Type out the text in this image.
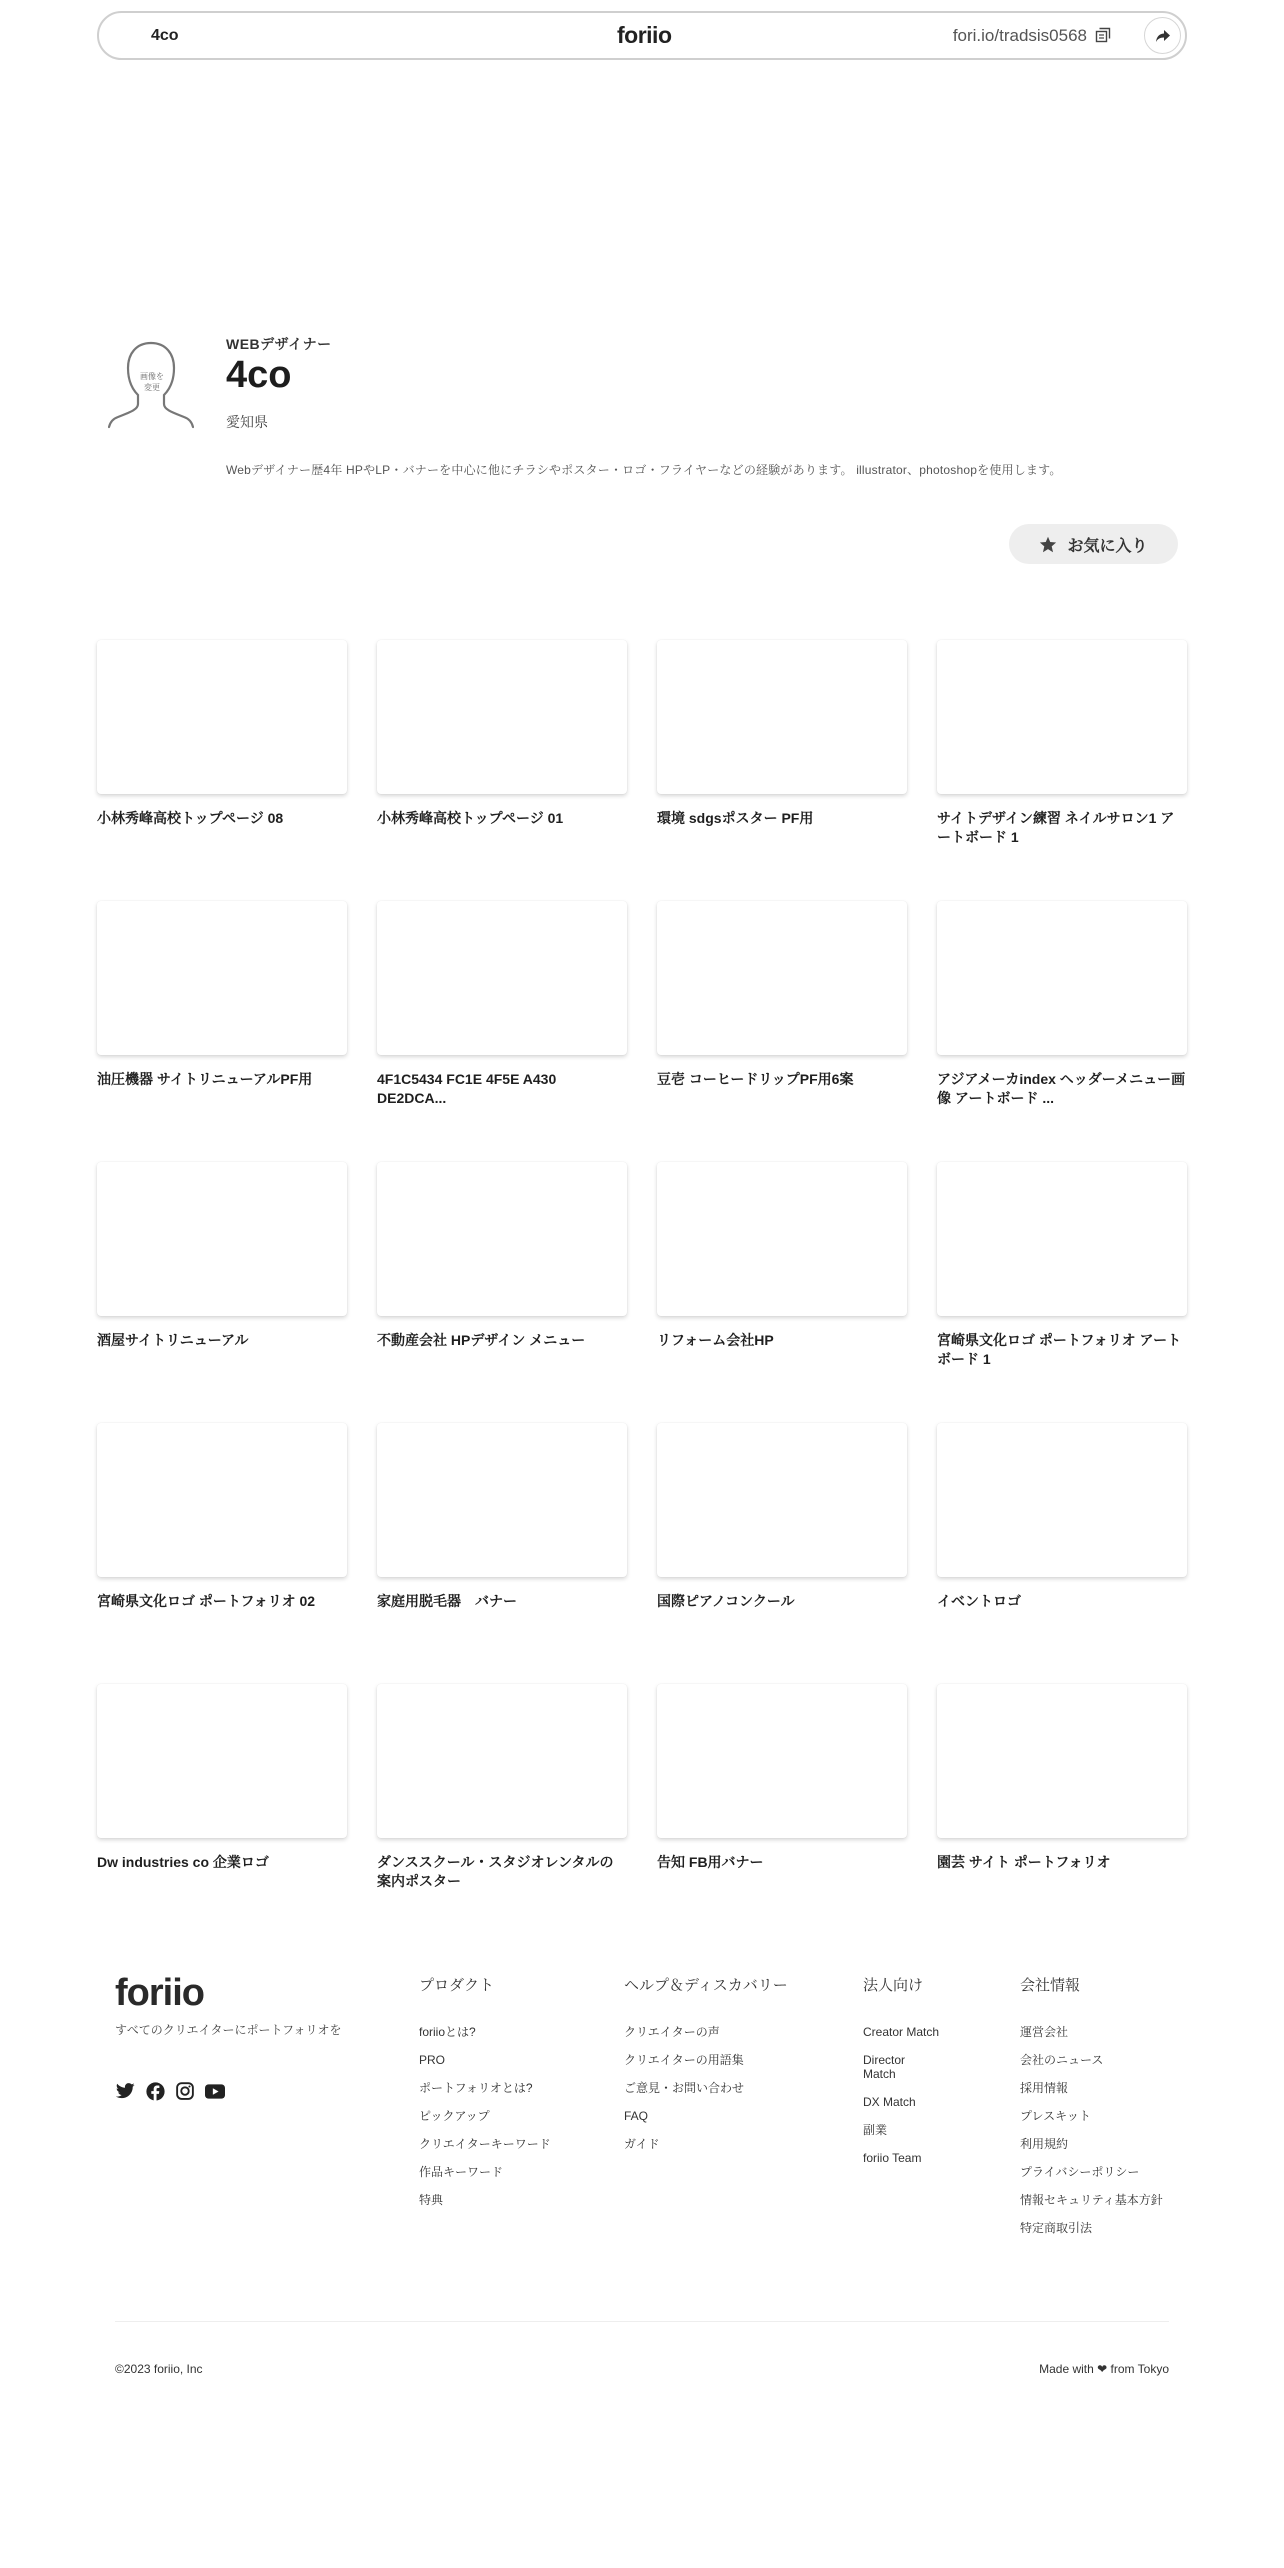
4co	foriio	fori.io/tradsis0568
画像を変更
WEBデザイナー
4co
愛知県
Webデザイナー歴4年 HPやLP・バナーを中心に他にチラシやポスター・ロゴ・フライヤーなどの経験があります。 illustrator、photoshopを使用します。
お気に入り
小林秀峰高校トップページ 08	小林秀峰高校トップページ 01	環境 sdgsポスター PF用	サイトデザイン練習 ネイルサロン1 アートボード 1
油圧機器 サイトリニューアルPF用	4F1C5434 FC1E 4F5E A430 DE2DCA...
豆壱 コーヒードリップPF用6案	アジアメーカindex ヘッダーメニュー画像 アートボード ...
酒屋サイトリニューアル	不動産会社 HPデザイン メニュー	リフォーム会社HP	宮崎県文化ロゴ ポートフォリオ アートボード 1
宮崎県文化ロゴ ポートフォリオ 02	家庭用脱毛器　バナー	国際ピアノコンクール	イベントロゴ
Dw industries co 企業ロゴ	ダンススクール・スタジオレンタルの案内ポスター
告知 FB用バナー	園芸 サイト ポートフォリオ
foriio
すべてのクリエイターにポートフォリオを
プロダクト
foriioとは?
PRO
ポートフォリオとは?
ピックアップ
クリエイターキーワード
作品キーワード
特典
ヘルプ＆ディスカバリー
クリエイターの声
クリエイターの用語集
ご意見・お問い合わせ
FAQ
ガイド
法人向け
Creator Match
Director Match
DX Match
副業
foriio Team
会社情報
運営会社
会社のニュース
採用情報
プレスキット
利用規約
プライバシーポリシー
情報セキュリティ基本方針
特定商取引法
©2023 foriio, Inc	Made with ❤ from Tokyo
